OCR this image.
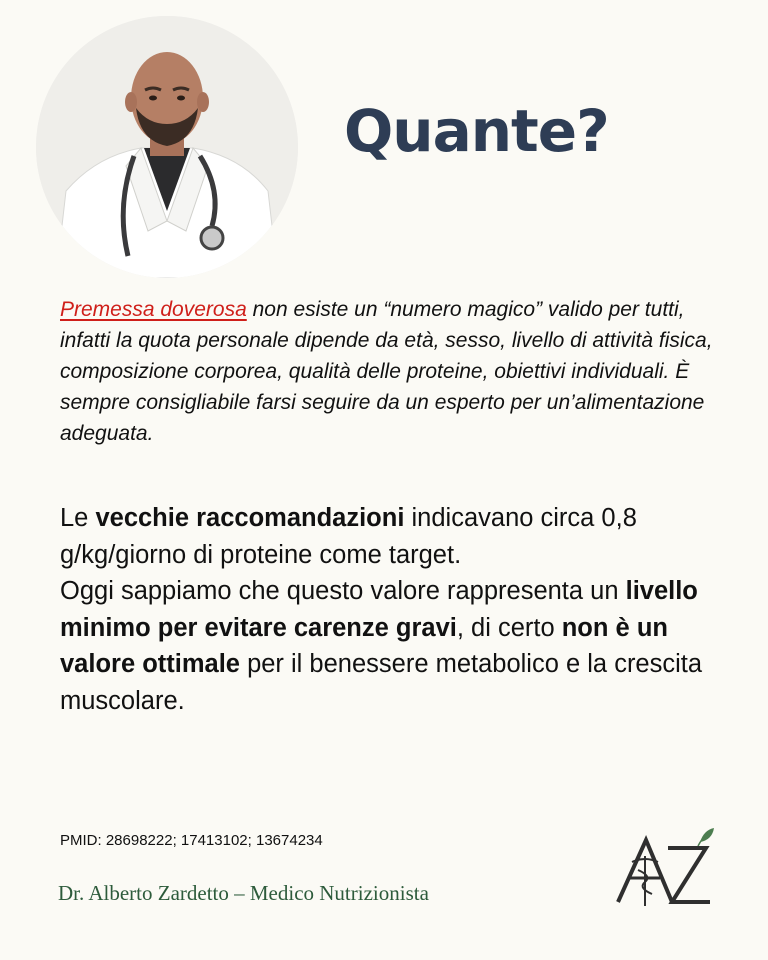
Quante?

Premessa doverosa non esiste un “numero magico” valido per tutti, infatti la quota personale dipende da età, sesso, livello di attività fisica, composizione corporea, qualità delle proteine, obiettivi individuali. È sempre consigliabile farsi seguire da un esperto per un’alimentazione adeguata.

Le vecchie raccomandazioni indicavano circa 0,8 g/kg/giorno di proteine come target.
Oggi sappiamo che questo valore rappresenta un livello minimo per evitare carenze gravi, di certo non è un valore ottimale per il benessere metabolico e la crescita muscolare.

PMID: 28698222; 17413102; 13674234

Dr. Alberto Zardetto – Medico Nutrizionista
